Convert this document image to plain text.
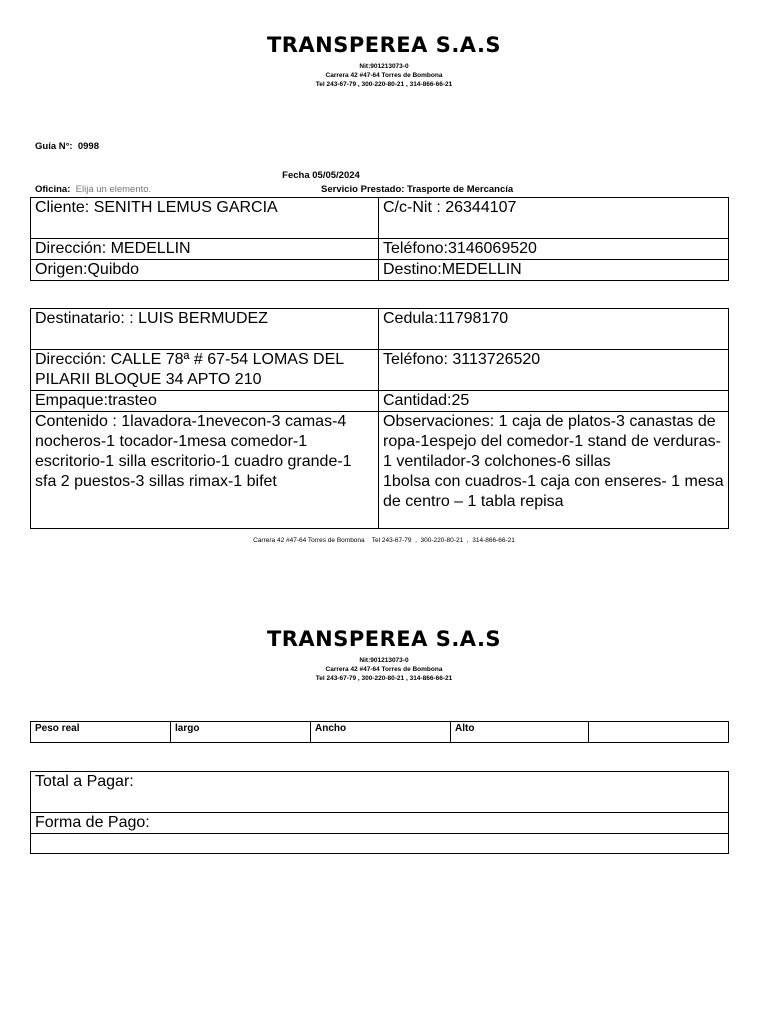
TRANSPEREA S.A.S
Nit:901213073-0
Carrera 42 #47-64 Torres de Bombona
Tel 243-67-79 , 300-220-80-21 , 314-866-66-21
Guía N°: 0998
Fecha 05/05/2024
Oficina: Elija un elemento.	Servicio Prestado: Trasporte de Mercancía
Cliente: SENITH LEMUS GARCIA	C/c-Nit : 26344107
Dirección: MEDELLIN	Teléfono:3146069520
Origen:Quibdo	Destino:MEDELLIN
Destinatario: : LUIS BERMUDEZ	Cedula:11798170
Dirección: CALLE 78ª # 67-54 LOMAS DEL PILARII BLOQUE 34 APTO 210	Teléfono: 3113726520
Empaque:trasteo	Cantidad:25
Contenido : 1lavadora-1nevecon-3 camas-4 nocheros-1 tocador-1mesa comedor-1 escritorio-1 silla escritorio-1 cuadro grande-1 sfa 2 puestos-3 sillas rimax-1 bifet	Observaciones: 1 caja de platos-3 canastas de ropa-1espejo del comedor-1 stand de verduras-1 ventilador-3 colchones-6 sillas
1bolsa con cuadros-1 caja con enseres- 1 mesa de centro – 1 tabla repisa
Carrera 42 #47-64 Torres de Bombona    Tel 243-67-79  ,  300-220-80-21  ,  314-866-66-21
TRANSPEREA S.A.S
Nit:901213073-0
Carrera 42 #47-64 Torres de Bombona
Tel 243-67-79 , 300-220-80-21 , 314-866-66-21
Peso real	largo	Ancho	Alto	
Total a Pagar:
Forma de Pago:
